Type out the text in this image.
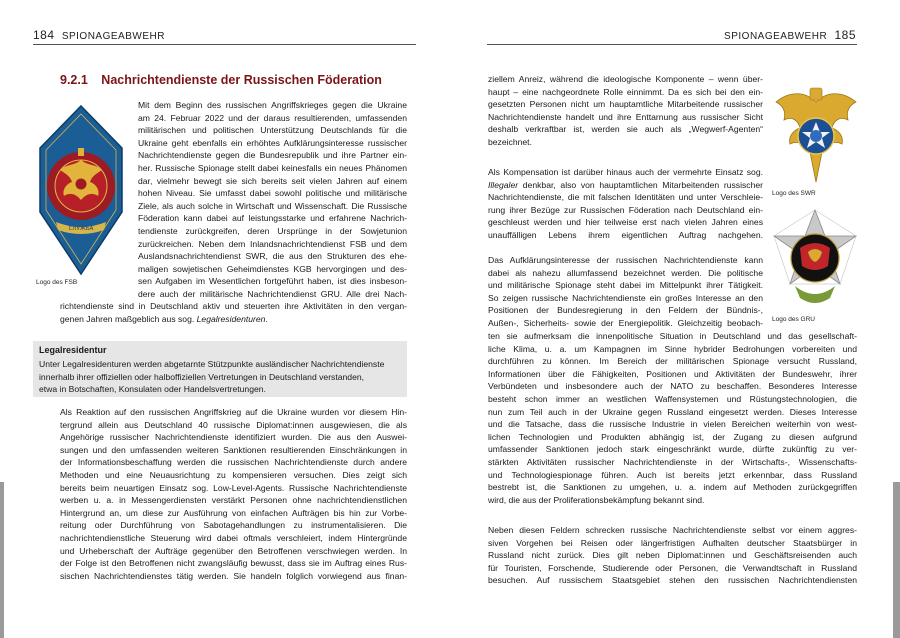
184 SPIONAGEABWEHR
9.2.1 Nachrichtendienste der Russischen Föderation
СЛУЖБА
Logo des FSB

Mit dem Beginn des russischen Angriffskrieges gegen die Ukraine

am 24. Februar 2022 und der daraus resultierenden, umfassenden

militärischen und politischen Unterstützung Deutschlands für die

Ukraine geht ebenfalls ein erhöhtes Aufklärungsinteresse russischer

Nachrichtendienste gegen die Bundesrepublik und ihre Partner ein-

her. Russische Spionage stellt dabei keinesfalls ein neues Phänomen

dar, vielmehr bewegt sie sich bereits seit vielen Jahren auf einem

hohen Niveau. Sie umfasst dabei sowohl politische und militärische

Ziele, als auch solche in Wirtschaft und Wissenschaft. Die Russische

Föderation kann dabei auf leistungsstarke und erfahrene Nachrich-

tendienste zurückgreifen, deren Ursprünge in der Sowjetunion

zurückreichen. Neben dem Inlandsnachrichtendienst FSB und dem

Auslandsnachrichtendienst SWR, die aus den Strukturen des ehe-

maligen sowjetischen Geheimdienstes KGB hervorgingen und des-

sen Aufgaben im Wesentlichen fortgeführt haben, ist dies insbeson-

dere auch der militärische Nachrichtendienst GRU. Alle drei Nach-

richtendienste sind in Deutschland aktiv und steuerten ihre Aktivitäten in den vergan-

genen Jahren maßgeblich aus sog. Legalresidenturen.

Legalresidentur

Unter Legalresidenturen werden abgetarnte Stützpunkte ausländischer Nachrichtendienste

innerhalb ihrer offiziellen oder halboffiziellen Vertretungen in Deutschland verstanden,

etwa in Botschaften, Konsulaten oder Handelsvertretungen.

Als Reaktion auf den russischen Angriffskrieg auf die Ukraine wurden vor diesem Hin-

tergrund allein aus Deutschland 40 russische Diplomat:innen ausgewiesen, die als

Angehörige russischer Nachrichtendienste identifiziert wurden. Die aus den Auswei-

sungen und den umfassenden weiteren Sanktionen resultierenden Einschränkungen in

der Informationsbeschaffung werden die russischen Nachrichtendienste durch andere

Methoden und eine Neuausrichtung zu kompensieren versuchen. Dies zeigt sich

bereits beim neuartigen Einsatz sog. Low-Level-Agents. Russische Nachrichtendienste

werben u. a. in Messengerdiensten verstärkt Personen ohne nachrichtendienstlichen

Hintergrund an, um diese zur Ausführung von einfachen Aufträgen bis hin zur Vorbe-

reitung oder Durchführung von Sabotagehandlungen zu instrumentalisieren. Die

nachrichtendienstliche Steuerung wird dabei oftmals verschleiert, indem Hintergründe

und Urheberschaft der Aufträge gegenüber den Betroffenen verschwiegen werden. In

der Folge ist den Betroffenen nicht zwangsläufig bewusst, dass sie im Auftrag eines Rus-

sischen Nachrichtendienstes tätig werden. Sie handeln folglich vorwiegend aus finan-

SPIONAGEABWEHR 185

ziellem Anreiz, während die ideologische Komponente – wenn über-

haupt – eine nachgeordnete Rolle einnimmt. Da es sich bei den ein-

gesetzten Personen nicht um hauptamtliche Mitarbeitende russischer

Nachrichtendienste handelt und ihre Enttarnung aus russischer Sicht

deshalb verkraftbar ist, werden sie auch als „Wegwerf-Agenten“

bezeichnet.

Als Kompensation ist darüber hinaus auch der vermehrte Einsatz sog.

Illegaler denkbar, also von hauptamtlichen Mitarbeitenden russischer

Nachrichtendienste, die mit falschen Identitäten und unter Verschleie-

rung ihrer Bezüge zur Russischen Föderation nach Deutschland ein-

geschleust werden und hier teilweise erst nach vielen Jahren eines

unauffälligen Lebens ihrem eigentlichen Auftrag nachgehen.

Das Aufklärungsinteresse der russischen Nachrichtendienste kann

dabei als nahezu allumfassend bezeichnet werden. Die politische

und militärische Spionage steht dabei im Mittelpunkt ihrer Tätigkeit.

So zeigen russische Nachrichtendienste ein großes Interesse an den

Positionen der Bundesregierung in den Feldern der Bündnis-,

Außen-, Sicherheits- sowie der Energiepolitik. Gleichzeitig beobach-

ten sie aufmerksam die innenpolitische Situation in Deutschland und das gesellschaft-

liche Klima, u. a. um Kampagnen im Sinne hybrider Bedrohungen vorbereiten und

durchführen zu können. Im Bereich der militärischen Spionage versucht Russland,

Informationen über die Fähigkeiten, Positionen und Aktivitäten der Bundeswehr, ihrer

Verbündeten und insbesondere auch der NATO zu beschaffen. Besonderes Interesse

besteht schon immer an westlichen Waffensystemen und Rüstungstechnologien, die

nun zum Teil auch in der Ukraine gegen Russland eingesetzt werden. Dieses Interesse

und die Tatsache, dass die russische Industrie in vielen Bereichen weiterhin von west-

lichen Technologien und Produkten abhängig ist, der Zugang zu diesen aufgrund

umfassender Sanktionen jedoch stark eingeschränkt wurde, dürfte zukünftig zu ver-

stärkten Aktivitäten russischer Nachrichtendienste in der Wirtschafts-, Wissenschafts-

und Technologiespionage führen. Auch ist bereits jetzt erkennbar, dass Russland

bestrebt ist, die Sanktionen zu umgehen, u. a. indem auf Methoden zurückgegriffen

wird, die aus der Proliferationsbekämpfung bekannt sind.

Neben diesen Feldern schrecken russische Nachrichtendienste selbst vor einem aggres-

siven Vorgehen bei Reisen oder längerfristigen Aufhalten deutscher Staatsbürger in

Russland nicht zurück. Dies gilt neben Diplomat:innen und Geschäftsreisenden auch

für Touristen, Forschende, Studierende oder Personen, die Verwandtschaft in Russland

besuchen. Auf russischem Staatsgebiet stehen den russischen Nachrichtendiensten

Logo des SWR
Logo des GRU
